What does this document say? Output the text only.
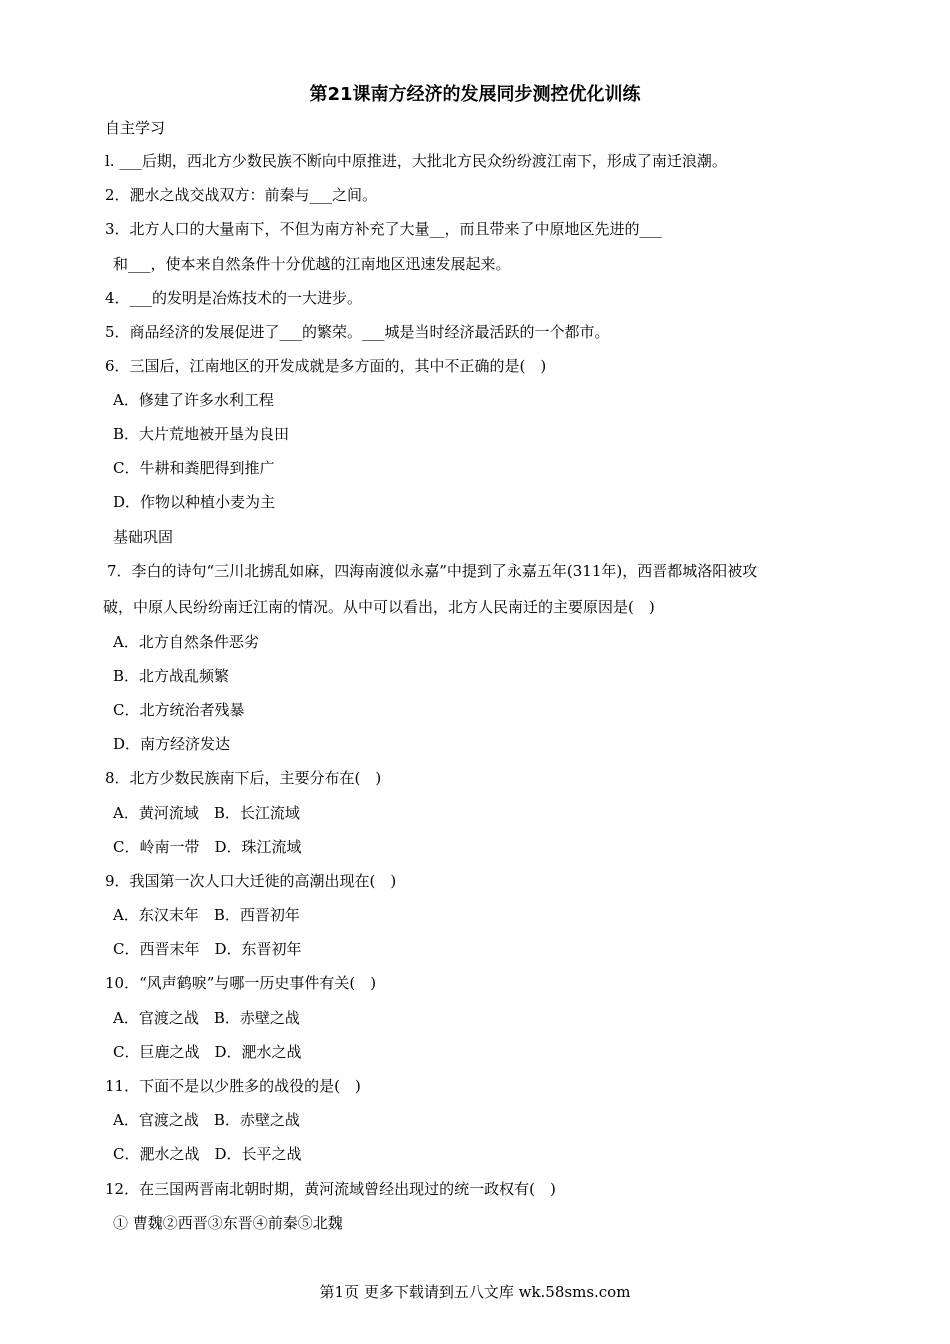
第21课南方经济的发展同步测控优化训练
自主学习
l. ___后期，西北方少数民族不断向中原推进，大批北方民众纷纷渡江南下，形成了南迁浪潮。
2．淝水之战交战双方：前秦与___之间。
3．北方人口的大量南下，不但为南方补充了大量__，而且带来了中原地区先进的___
和___，使本来自然条件十分优越的江南地区迅速发展起来。
4．___的发明是冶炼技术的一大进步。
5．商品经济的发展促进了___的繁荣。___城是当时经济最活跃的一个都市。
6．三国后，江南地区的开发成就是多方面的，其中不正确的是(　)
A．修建了许多水利工程
B．大片荒地被开垦为良田
C．牛耕和粪肥得到推广
D．作物以种植小麦为主
基础巩固
7．李白的诗句“三川北掳乱如麻，四海南渡似永嘉”中提到了永嘉五年(311年)，西晋都城洛阳被攻
破，中原人民纷纷南迁江南的情况。从中可以看出，北方人民南迁的主要原因是(　)
A．北方自然条件恶劣
B．北方战乱频繁
C．北方统治者残暴
D．南方经济发达
8．北方少数民族南下后，主要分布在(　)
A．黄河流域　B．长江流域
C．岭南一带　D．珠江流域
9．我国第一次人口大迁徙的高潮出现在(　)
A．东汉末年　B．西晋初年
C．西晋末年　D．东晋初年
10．“风声鹤唳”与哪一历史事件有关(　)
A．官渡之战　B．赤壁之战
C．巨鹿之战　D．淝水之战
11．下面不是以少胜多的战役的是(　)
A．官渡之战　B．赤壁之战
C．淝水之战　D．长平之战
12．在三国两晋南北朝时期，黄河流域曾经出现过的统一政权有(　)
① 曹魏②西晋③东晋④前秦⑤北魏
第1页 更多下载请到五八文库 wk.58sms.com
